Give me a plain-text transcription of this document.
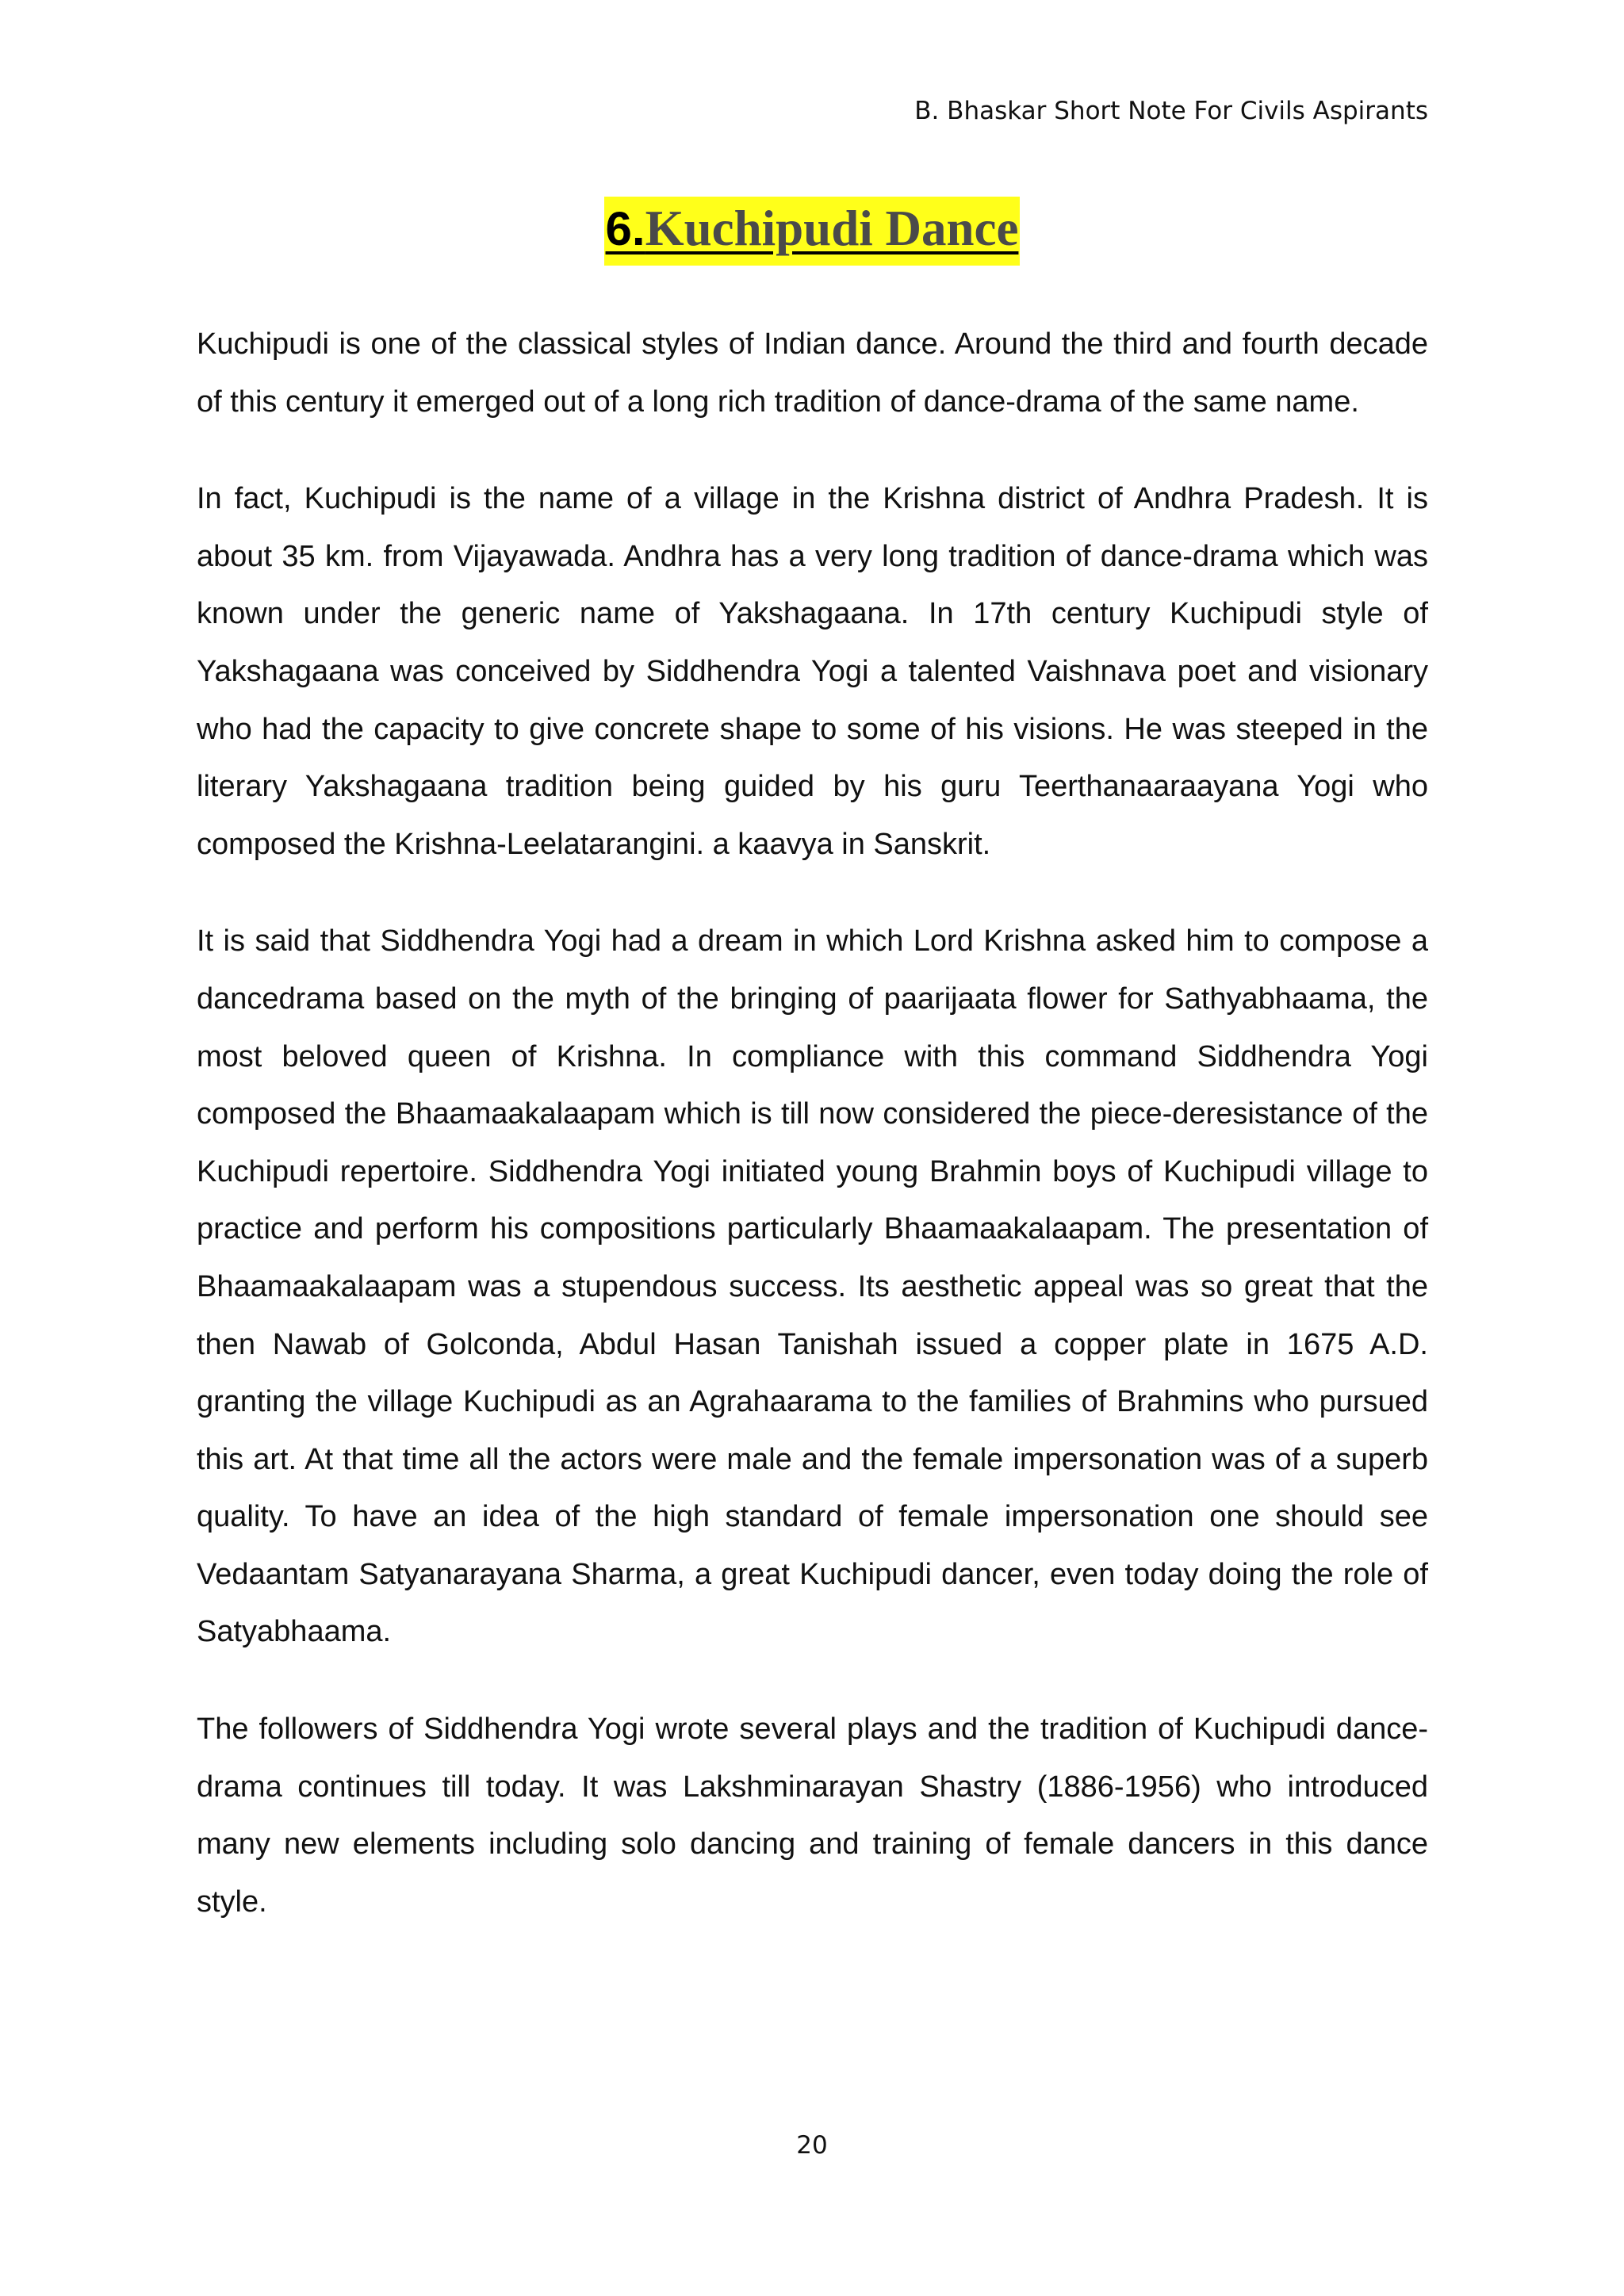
B. Bhaskar Short Note For Civils Aspirants
6.Kuchipudi Dance

Kuchipudi is one of the classical styles of Indian dance. Around the third and fourth decade of this century it emerged out of a long rich tradition of dance-drama of the same name.

In fact, Kuchipudi is the name of a village in the Krishna district of Andhra Pradesh. It is about 35 km. from Vijayawada. Andhra has a very long tradition of dance-drama which was known under the generic name of Yakshagaana. In 17th century Kuchipudi style of Yakshagaana was conceived by Siddhendra Yogi a talented Vaishnava poet and visionary who had the capacity to give concrete shape to some of his visions. He was steeped in the literary Yakshagaana tradition being guided by his guru Teerthanaaraayana Yogi who composed the Krishna-Leelatarangini. a kaavya in Sanskrit.

It is said that Siddhendra Yogi had a dream in which Lord Krishna asked him to compose a dancedrama based on the myth of the bringing of paarijaata flower for Sathyabhaama, the most beloved queen of Krishna. In compliance with this command Siddhendra Yogi composed the Bhaamaakalaapam which is till now considered the piece-deresistance of the Kuchipudi repertoire. Siddhendra Yogi initiated young Brahmin boys of Kuchipudi village to practice and perform his compositions particularly Bhaamaakalaapam. The presentation of Bhaamaakalaapam was a stupendous success. Its aesthetic appeal was so great that the then Nawab of Golconda, Abdul Hasan Tanishah issued a copper plate in 1675 A.D. granting the village Kuchipudi as an Agrahaarama to the families of Brahmins who pursued this art. At that time all the actors were male and the female impersonation was of a superb quality. To have an idea of the high standard of female impersonation one should see Vedaantam Satyanarayana Sharma, a great Kuchipudi dancer, even today doing the role of Satyabhaama.

The followers of Siddhendra Yogi wrote several plays and the tradition of Kuchipudi dance-drama continues till today. It was Lakshminarayan Shastry (1886-1956) who introduced many new elements including solo dancing and training of female dancers in this dance style.

20
